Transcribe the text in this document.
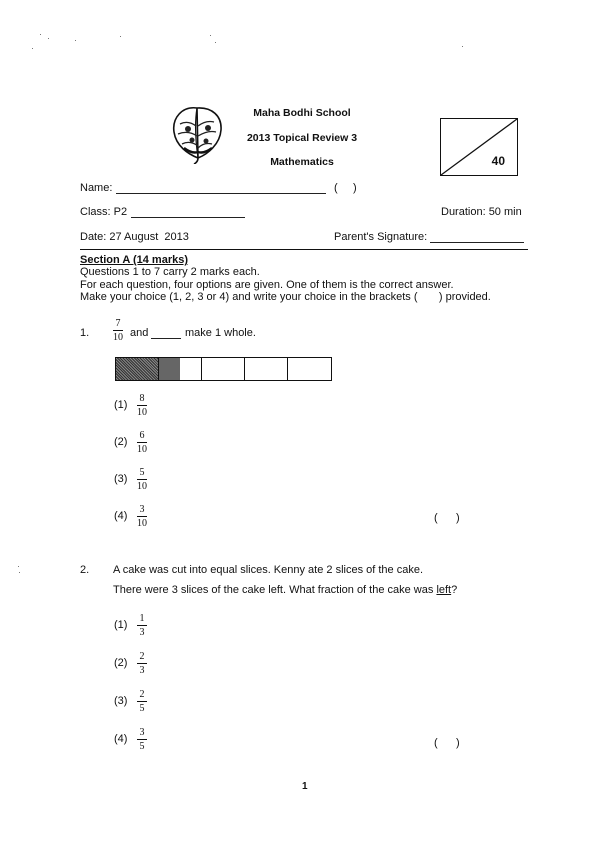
Maha Bodhi School
2013 Topical Review 3
Mathematics	40
Name:	(     )
Class: P2	Duration: 50 min
Date: 27 August  2013	Parent's Signature:
Section A (14 marks)
Questions 1 to 7 carry 2 marks each.
For each question, four options are given. One of them is the correct answer.
Make your choice (1, 2, 3 or 4) and write your choice in the brackets (       ) provided.
1.
7
10 and	make 1 whole.
(1)
8
10
(2)
6
10
(3)
5
10
(4)
3
10	(      )
2. A cake was cut into equal slices. Kenny ate 2 slices of the cake.
There were 3 slices of the cake left. What fraction of the cake was left?
(1)
1
3
(2)
2
3
(3)
2
5
(4)
3
5	(      )
1
